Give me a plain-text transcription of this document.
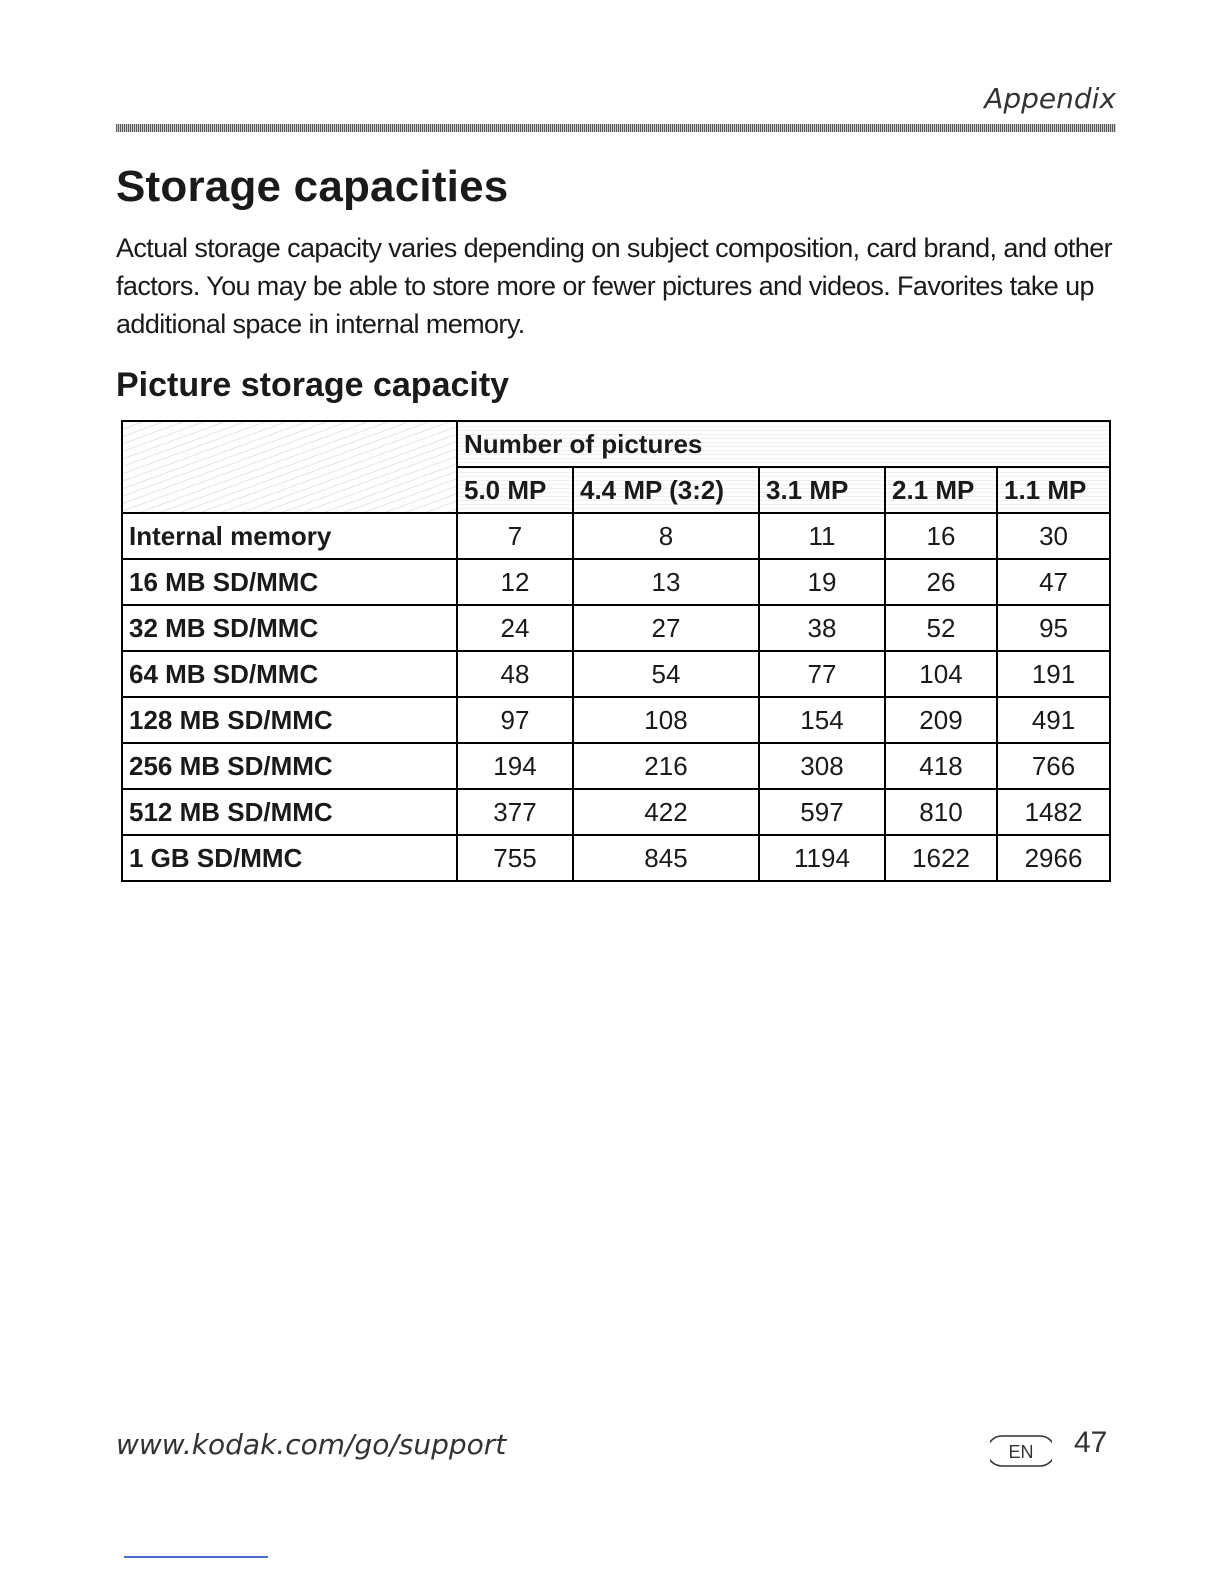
Appendix
Storage capacities

Actual storage capacity varies depending on subject composition, card brand, and other factors. You may be able to store more or fewer pictures and videos. Favorites take up additional space in internal memory.

Picture storage capacity
	Number of pictures				
	5.0 MP	4.4 MP (3:2)	3.1 MP	2.1 MP	1.1 MP
Internal memory	7	8	11	16	30
16 MB SD/MMC	12	13	19	26	47
32 MB SD/MMC	24	27	38	52	95
64 MB SD/MMC	48	54	77	104	191
128 MB SD/MMC	97	108	154	209	491
256 MB SD/MMC	194	216	308	418	766
512 MB SD/MMC	377	422	597	810	1482
1 GB SD/MMC	755	845	1194	1622	2966
www.kodak.com/go/support	EN 47
